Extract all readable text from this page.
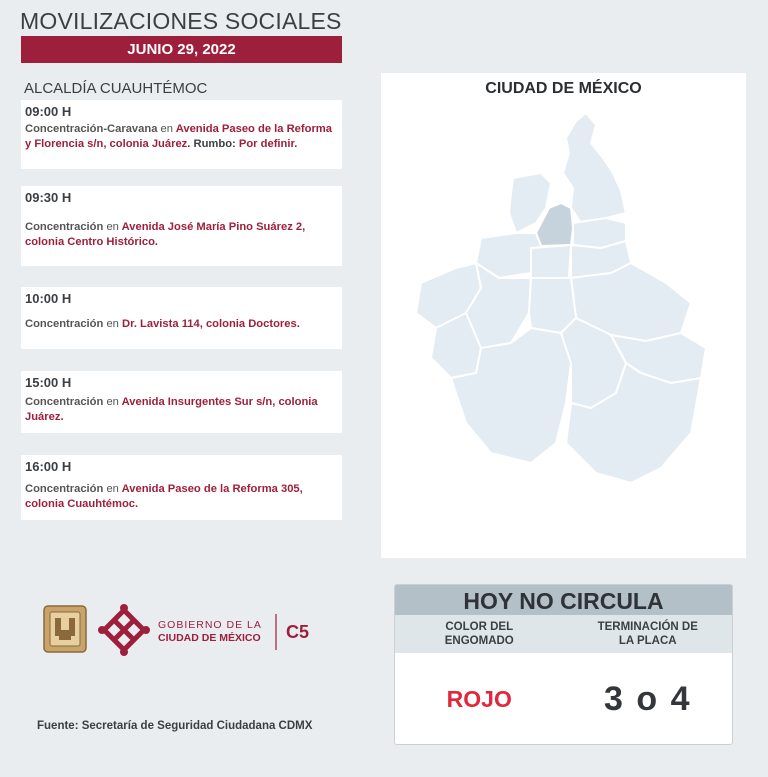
MOVILIZACIONES SOCIALES
JUNIO 29, 2022
ALCALDÍA CUAUHTÉMOC
09:00 H
Concentración-Caravana en Avenida Paseo de la Reforma y Florencia s/n, colonia Juárez. Rumbo: Por definir.
09:30 H
Concentración en Avenida José María Pino Suárez 2, colonia Centro Histórico.
10:00 H
Concentración en Dr. Lavista 114, colonia Doctores.
15:00 H
Concentración en Avenida Insurgentes Sur s/n, colonia Juárez.
16:00 H
Concentración en Avenida Paseo de la Reforma 305, colonia Cuauhtémoc.
CIUDAD DE MÉXICO
GOBIERNO DE LA
CIUDAD DE MÉXICO C5
Fuente: Secretaría de Seguridad Ciudadana CDMX
HOY NO CIRCULA
COLOR DEL
ENGOMADO
TERMINACIÓN DE
LA PLACA
ROJO	3 o 4
